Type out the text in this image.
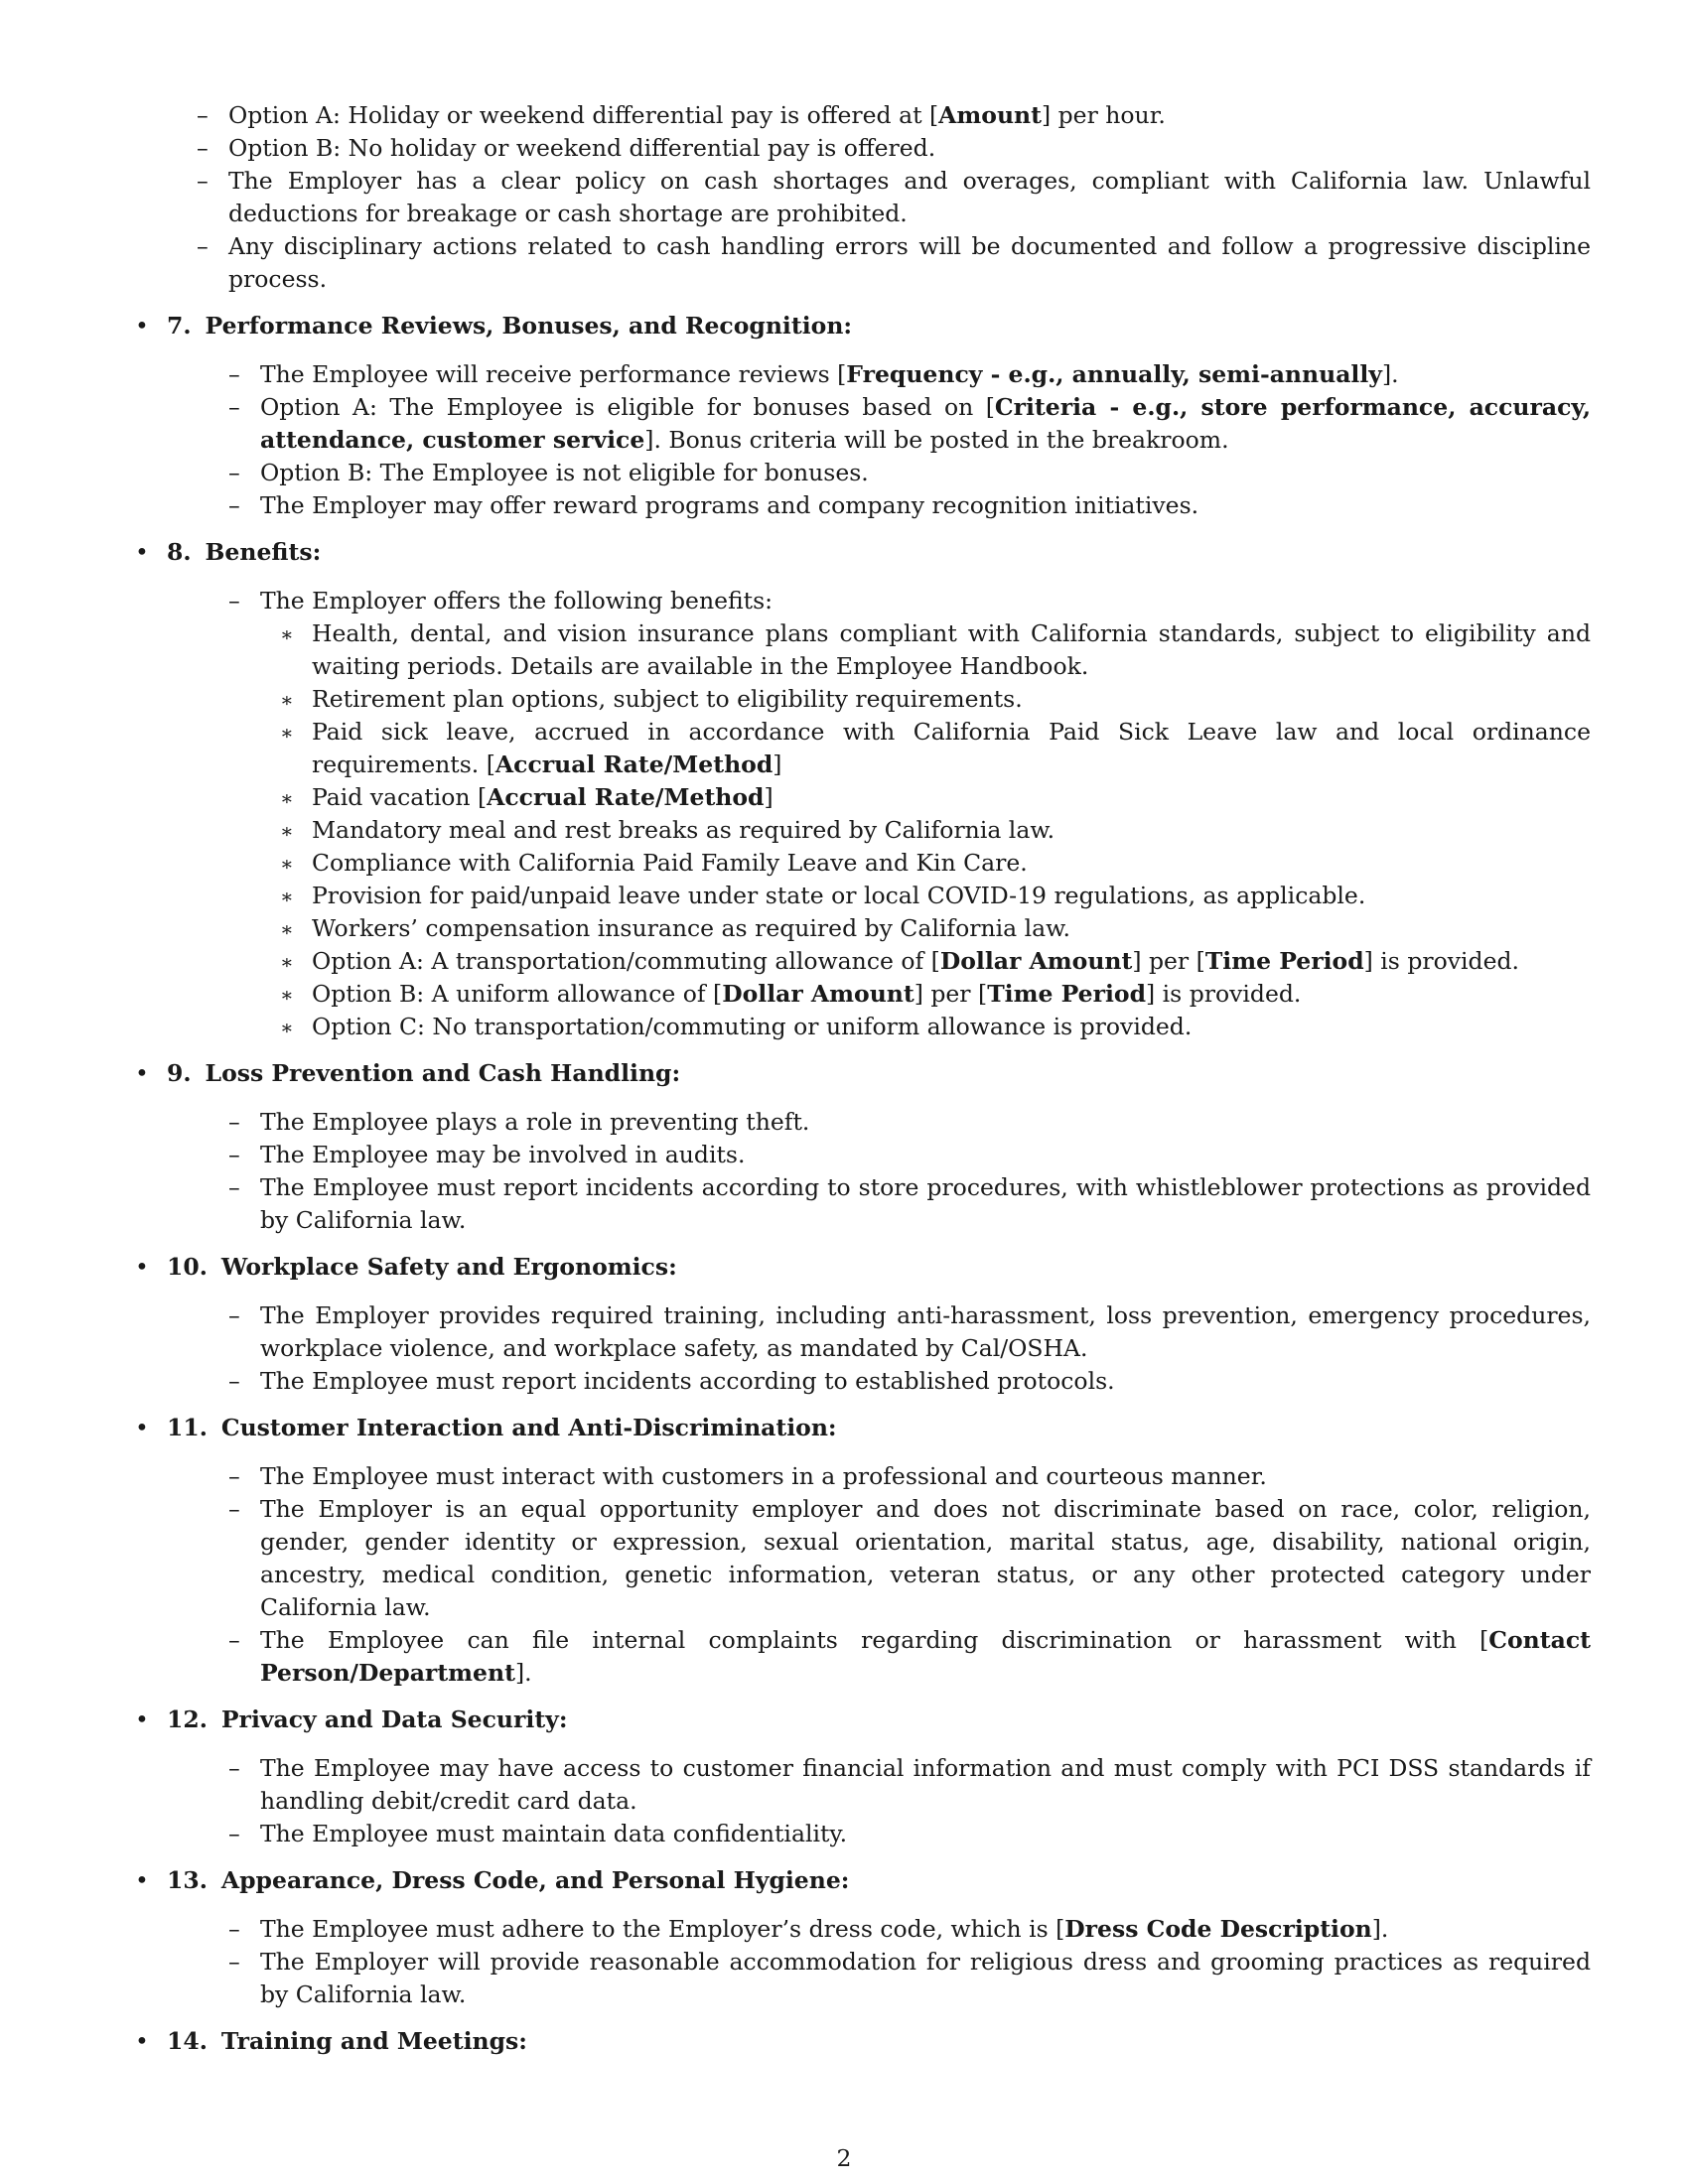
– Option A: Holiday or weekend differential pay is offered at [Amount] per hour.
– Option B: No holiday or weekend differential pay is offered.
– The Employer has a clear policy on cash shortages and overages, compliant with California law. Unlawful deductions for breakage or cash shortage are prohibited.
– Any disciplinary actions related to cash handling errors will be documented and follow a progressive discipline process.
• 7. Performance Reviews, Bonuses, and Recognition:
– The Employee will receive performance reviews [Frequency - e.g., annually, semi-annually].
– Option A: The Employee is eligible for bonuses based on [Criteria - e.g., store performance, accuracy, attendance, customer service]. Bonus criteria will be posted in the breakroom.
– Option B: The Employee is not eligible for bonuses.
– The Employer may offer reward programs and company recognition initiatives.
• 8. Benefits:
– The Employer offers the following benefits:
∗ Health, dental, and vision insurance plans compliant with California standards, subject to eligibility and waiting periods. Details are available in the Employee Handbook.
∗ Retirement plan options, subject to eligibility requirements.
∗ Paid sick leave, accrued in accordance with California Paid Sick Leave law and local ordinance requirements. [Accrual Rate/Method]
∗ Paid vacation [Accrual Rate/Method]
∗ Mandatory meal and rest breaks as required by California law.
∗ Compliance with California Paid Family Leave and Kin Care.
∗ Provision for paid/unpaid leave under state or local COVID-19 regulations, as applicable.
∗ Workers’ compensation insurance as required by California law.
∗ Option A: A transportation/commuting allowance of [Dollar Amount] per [Time Period] is provided.
∗ Option B: A uniform allowance of [Dollar Amount] per [Time Period] is provided.
∗ Option C: No transportation/commuting or uniform allowance is provided.
• 9. Loss Prevention and Cash Handling:
– The Employee plays a role in preventing theft.
– The Employee may be involved in audits.
– The Employee must report incidents according to store procedures, with whistleblower protections as provided by California law.
• 10. Workplace Safety and Ergonomics:
– The Employer provides required training, including anti-harassment, loss prevention, emergency procedures, workplace violence, and workplace safety, as mandated by Cal/OSHA.
– The Employee must report incidents according to established protocols.
• 11. Customer Interaction and Anti-Discrimination:
– The Employee must interact with customers in a professional and courteous manner.
– The Employer is an equal opportunity employer and does not discriminate based on race, color, religion, gender, gender identity or expression, sexual orientation, marital status, age, disability, national origin, ancestry, medical condition, genetic information, veteran status, or any other protected category under California law.
– The Employee can file internal complaints regarding discrimination or harassment with [Contact Person/Department].
• 12. Privacy and Data Security:
– The Employee may have access to customer financial information and must comply with PCI DSS standards if handling debit/credit card data.
– The Employee must maintain data confidentiality.
• 13. Appearance, Dress Code, and Personal Hygiene:
– The Employee must adhere to the Employer’s dress code, which is [Dress Code Description].
– The Employer will provide reasonable accommodation for religious dress and grooming practices as required by California law.
• 14. Training and Meetings:
2
